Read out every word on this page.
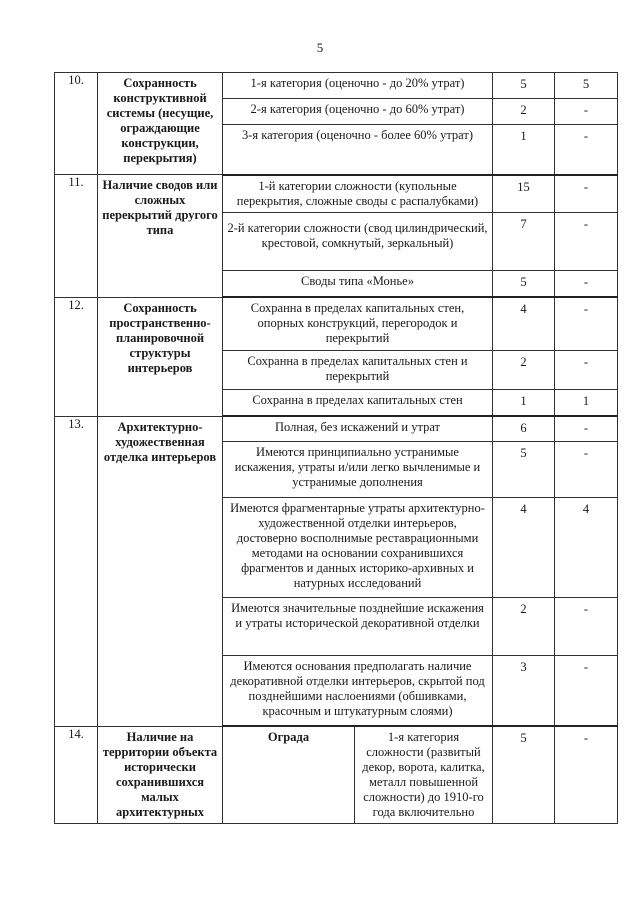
5
10.	Сохранность конструктивной системы (несущие, ограждающие конструкции, перекрытия)	1-я категория (оценочно - до 20% утрат)		5	5
		2-я категория (оценочно - до 60% утрат)		2	-
		3-я категория (оценочно - более 60% утрат)		1	-
11.	Наличие сводов или сложных перекрытий другого типа	1-й категории сложности (купольные перекрытия, сложные своды с распалубками)		15	-
		2-й категории сложности (свод цилиндрический, крестовой, сомкнутый, зеркальный)		7	-
		Своды типа «Монье»		5	-
12.	Сохранность пространственно-планировочной структуры интерьеров	Сохранна в пределах капитальных стен, опорных конструкций, перегородок и перекрытий		4	-
		Сохранна в пределах капитальных стен и перекрытий		2	-
		Сохранна в пределах капитальных стен		1	1
13.	Архитектурно-художественная отделка интерьеров	Полная, без искажений и утрат		6	-
		Имеются принципиально устранимые искажения, утраты и/или легко вычленимые и устранимые дополнения		5	-
		Имеются фрагментарные утраты архитектурно-художественной отделки интерьеров, достоверно восполнимые реставрационными методами на основании сохранившихся фрагментов и данных историко-архивных и натурных исследований		4	4
		Имеются значительные позднейшие искажения и утраты исторической декоративной отделки		2	-
		Имеются основания предполагать наличие декоративной отделки интерьеров, скрытой под позднейшими наслоениями (обшивками, красочным и штукатурным слоями)		3	-
14.	Наличие на территории объекта исторически сохранившихся малых архитектурных	Ограда	1-я категория сложности (развитый декор, ворота, калитка, металл повышенной сложности) до 1910-го года включительно	5	-
